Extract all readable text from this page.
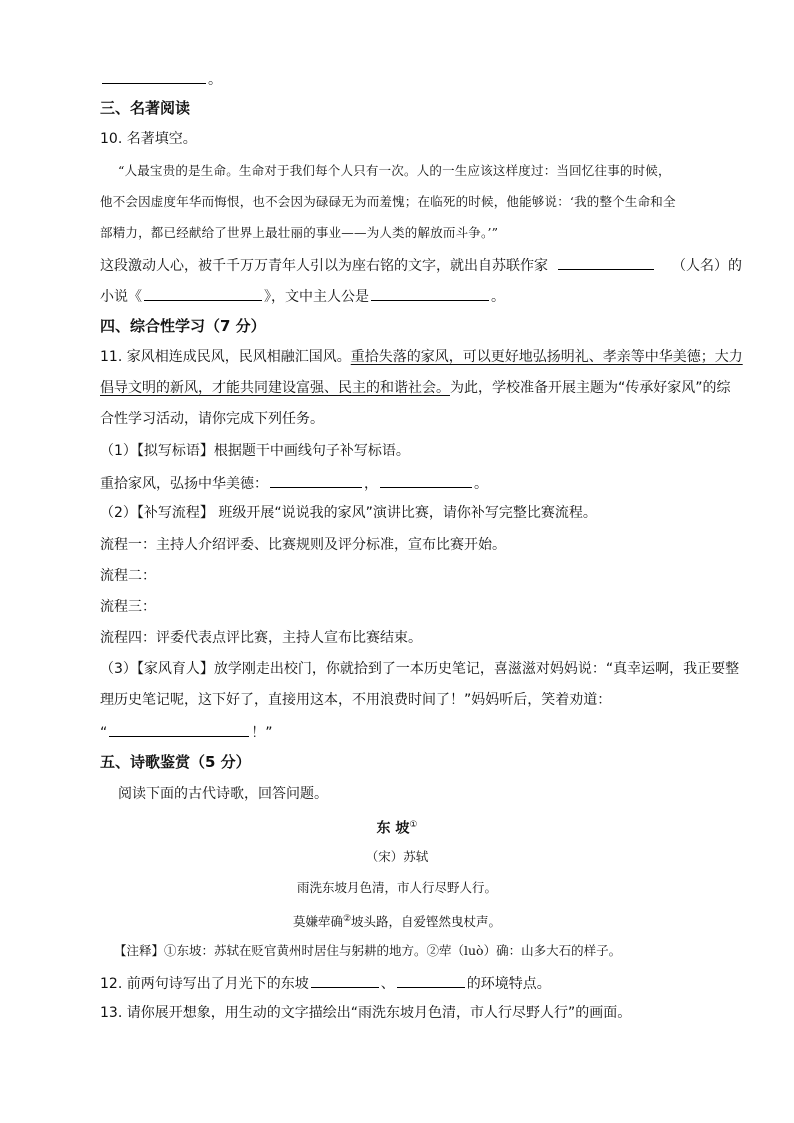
。
三、名著阅读
10. 名著填空。
“人最宝贵的是生命。生命对于我们每个人只有一次。人的一生应该这样度过：当回忆往事的时候，
他不会因虚度年华而悔恨，也不会因为碌碌无为而羞愧；在临死的时候，他能够说：‘我的整个生命和全
部精力，都已经献给了世界上最壮丽的事业——为人类的解放而斗争。’”
这段激动人心，被千千万万青年人引以为座右铭的文字，就出自苏联作家	（人名）的
小说《	》，文中主人公是	。
四、综合性学习（7 分）
11. 家风相连成民风，民风相融汇国风。重拾失落的家风，可以更好地弘扬明礼、孝亲等中华美德；大力
倡导文明的新风，才能共同建设富强、民主的和谐社会。为此，学校准备开展主题为“传承好家风”的综
合性学习活动，请你完成下列任务。
（1）【拟写标语】根据题干中画线句子补写标语。
重拾家风，弘扬中华美德：	，	。
（2）【补写流程】 班级开展“说说我的家风”演讲比赛，请你补写完整比赛流程。
流程一：主持人介绍评委、比赛规则及评分标准，宣布比赛开始。
流程二：
流程三：
流程四：评委代表点评比赛，主持人宣布比赛结束。
（3）【家风育人】放学刚走出校门，你就拾到了一本历史笔记，喜滋滋对妈妈说：“真幸运啊，我正要整
理历史笔记呢，这下好了，直接用这本，不用浪费时间了！”妈妈听后，笑着劝道：
“	！”
五、诗歌鉴赏（5 分）
阅读下面的古代诗歌，回答问题。
东 坡①
（宋）苏轼
雨洗东坡月色清，市人行尽野人行。
莫嫌荦确②坡头路，自爱铿然曳杖声。
【注释】①东坡：苏轼在贬官黄州时居住与躬耕的地方。②荦（luò）确：山多大石的样子。
12. 前两句诗写出了月光下的东坡	、	的环境特点。
13. 请你展开想象，用生动的文字描绘出“雨洗东坡月色清，市人行尽野人行”的画面。
